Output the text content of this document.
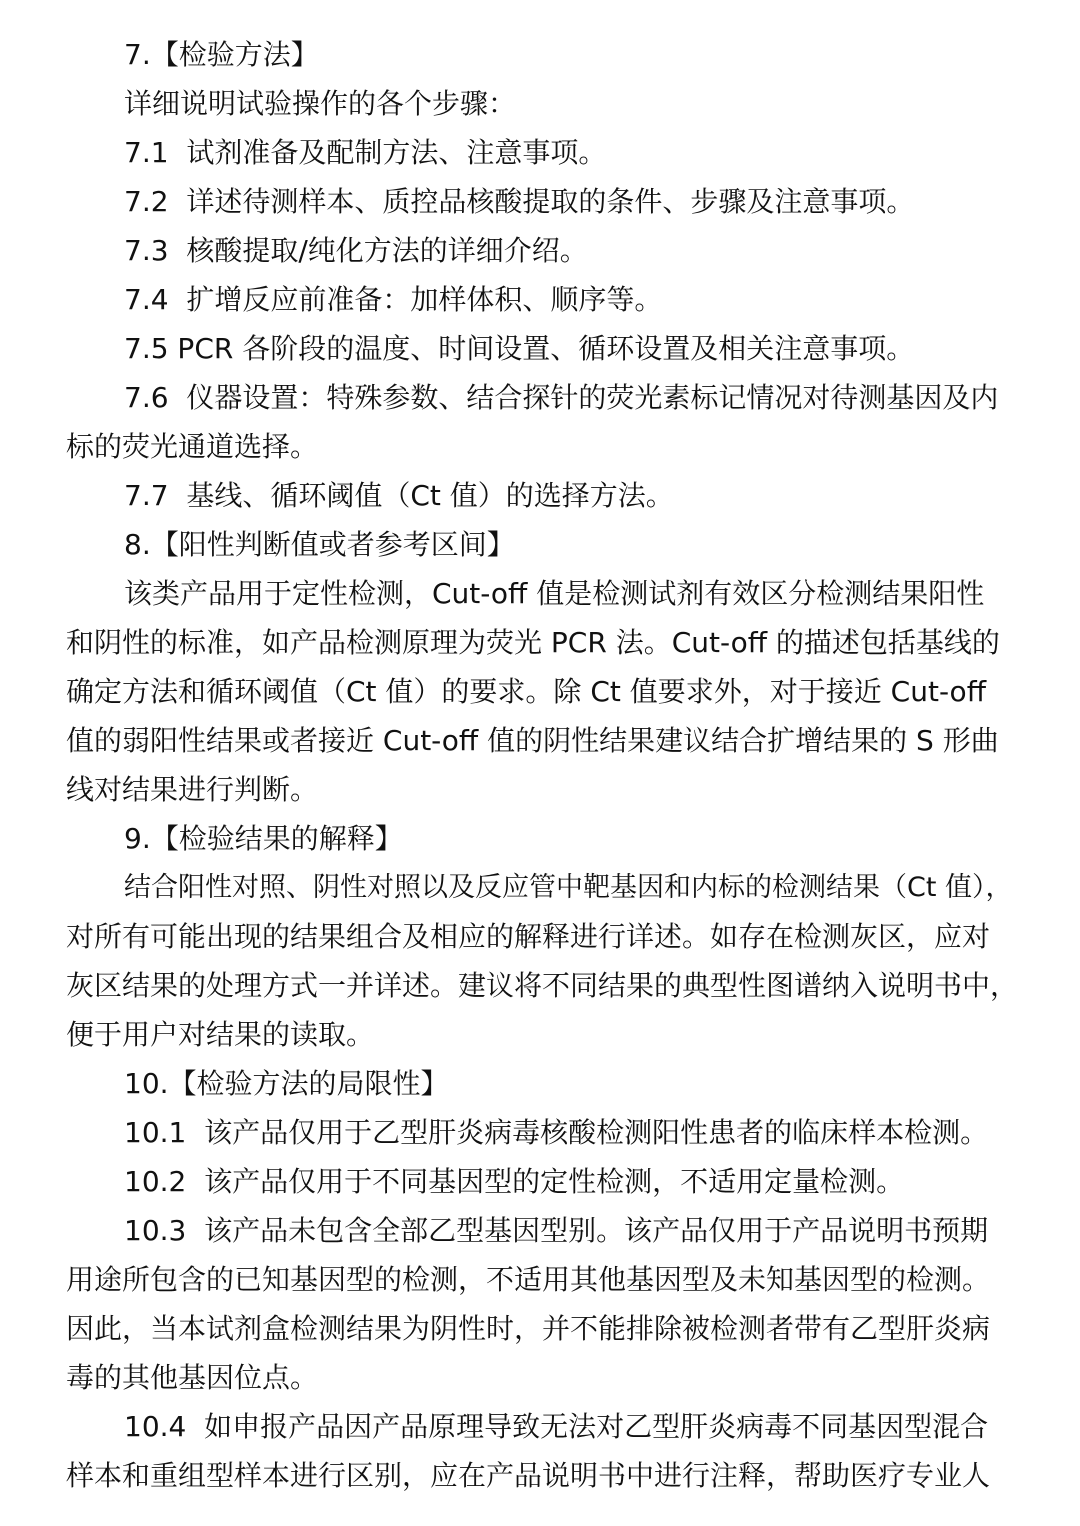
7.【检验方法】
详细说明试验操作的各个步骤：
7.1  试剂准备及配制方法、注意事项。
7.2  详述待测样本、质控品核酸提取的条件、步骤及注意事项。
7.3  核酸提取/纯化方法的详细介绍。
7.4  扩增反应前准备：加样体积、顺序等。
7.5 PCR 各阶段的温度、时间设置、循环设置及相关注意事项。
7.6  仪器设置：特殊参数、结合探针的荧光素标记情况对待测基因及内
标的荧光通道选择。
7.7  基线、循环阈值（Ct 值）的选择方法。
8.【阳性判断值或者参考区间】
该类产品用于定性检测，Cut-off 值是检测试剂有效区分检测结果阳性
和阴性的标准，如产品检测原理为荧光 PCR 法。Cut-off 的描述包括基线的
确定方法和循环阈值（Ct 值）的要求。除 Ct 值要求外，对于接近 Cut-off
值的弱阳性结果或者接近 Cut-off 值的阴性结果建议结合扩增结果的 S 形曲
线对结果进行判断。
9.【检验结果的解释】
结合阳性对照、阴性对照以及反应管中靶基因和内标的检测结果（Ct 值），
对所有可能出现的结果组合及相应的解释进行详述。如存在检测灰区，应对
灰区结果的处理方式一并详述。建议将不同结果的典型性图谱纳入说明书中，
便于用户对结果的读取。
10.【检验方法的局限性】
10.1  该产品仅用于乙型肝炎病毒核酸检测阳性患者的临床样本检测。
10.2  该产品仅用于不同基因型的定性检测，不适用定量检测。
10.3  该产品未包含全部乙型基因型别。该产品仅用于产品说明书预期
用途所包含的已知基因型的检测，不适用其他基因型及未知基因型的检测。
因此，当本试剂盒检测结果为阴性时，并不能排除被检测者带有乙型肝炎病
毒的其他基因位点。
10.4  如申报产品因产品原理导致无法对乙型肝炎病毒不同基因型混合
样本和重组型样本进行区别，应在产品说明书中进行注释，帮助医疗专业人
